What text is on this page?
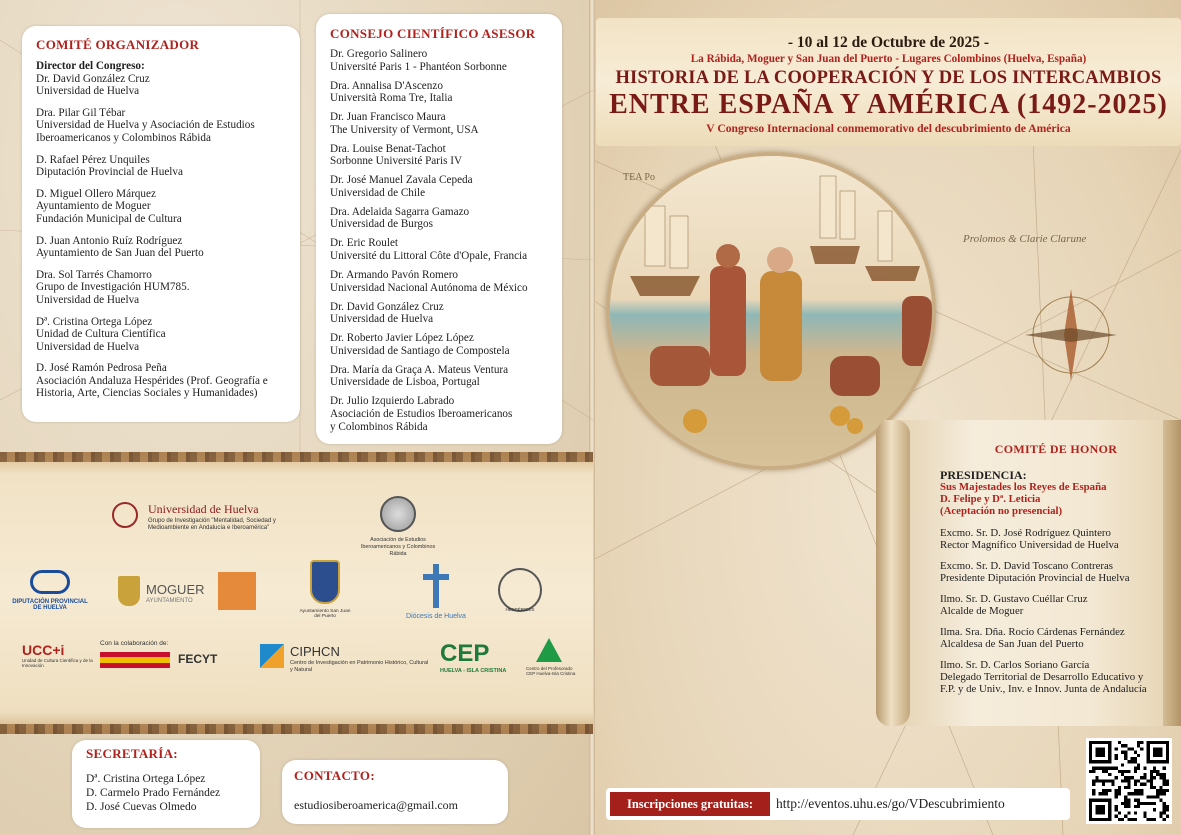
ΤΕΑ Ρο
Prolomos & Clarie Clarune
COMITÉ ORGANIZADOR
Director del Congreso:
Dr. David González Cruz
Universidad de Huelva
Dra. Pilar Gil Tébar
Universidad de Huelva y Asociación de Estudios
Iberoamericanos y Colombinos Rábida
D. Rafael Pérez Unquiles
Diputación Provincial de Huelva
D. Miguel Ollero Márquez
Ayuntamiento de Moguer
Fundación Municipal de Cultura
D. Juan Antonio Ruíz Rodríguez
Ayuntamiento de San Juan del Puerto
Dra. Sol Tarrés Chamorro
Grupo de Investigación HUM785.
Universidad de Huelva
Dª. Cristina Ortega López
Unidad de Cultura Científica
Universidad de Huelva
D. José Ramón Pedrosa Peña
Asociación Andaluza Hespérides (Prof. Geografía e
Historia, Arte, Ciencias Sociales y Humanidades)
CONSEJO CIENTÍFICO ASESOR
Dr. Gregorio Salinero
Université Paris 1 - Phantéon Sorbonne
Dra. Annalisa D'Ascenzo
Università Roma Tre, Italia
Dr. Juan Francisco Maura
The University of Vermont, USA
Dra. Louise Benat-Tachot
Sorbonne Université Paris IV
Dr. José Manuel Zavala Cepeda
Universidad de Chile
Dra. Adelaida Sagarra Gamazo
Universidad de Burgos
Dr. Eric Roulet
Université du Littoral Côte d'Opale, Francia
Dr. Armando Pavón Romero
Universidad Nacional Autónoma de México
Dr. David González Cruz
Universidad de Huelva
Dr. Roberto Javier López López
Universidad de Santiago de Compostela
Dra. María da Graça A. Mateus Ventura
Universidade de Lisboa, Portugal
Dr. Julio Izquierdo Labrado
Asociación de Estudios Iberoamericanos
y Colombinos Rábida
Universidad de Huelva
Grupo de Investigación "Mentalidad, Sociedad y Medioambiente en Andalucía e Iberoamérica"
Asociación de Estudios Iberoamericanos y Colombinos Rábida
DIPUTACIÓN PROVINCIAL DE HUELVA
MOGUER
AYUNTAMIENTO
Ayuntamiento San Juan del Puerto	Diócesis de Huelva
HESPÉRIDES
UCC+i
Unidad de Cultura Científica y de la Innovación
Con la colaboración de:
FECYT	CIPHCN
Centro de Investigación en Patrimonio Histórico, Cultural y Natural
CEP
HUELVA - ISLA CRISTINA	Centro del Profesorado CEP Huelva-Isla Cristina
SECRETARÍA:
Dª. Cristina Ortega López
D. Carmelo Prado Fernández
D. José Cuevas Olmedo
CONTACTO:
estudiosiberoamerica@gmail.com
- 10 al 12 de Octubre de 2025 -
La Rábida, Moguer y San Juan del Puerto - Lugares Colombinos (Huelva, España)
HISTORIA DE LA COOPERACIÓN Y DE LOS INTERCAMBIOS
ENTRE ESPAÑA Y AMÉRICA (1492-2025)
V Congreso Internacional conmemorativo del descubrimiento de América
COMITÉ DE HONOR
PRESIDENCIA:
Sus Majestades los Reyes de España
D. Felipe y Dª. Leticia
(Aceptación no presencial)
Excmo. Sr. D. José Rodríguez Quintero
Rector Magnífico Universidad de Huelva
Excmo. Sr. D. David Toscano Contreras
Presidente Diputación Provincial de Huelva
Ilmo. Sr. D. Gustavo Cuéllar Cruz
Alcalde de Moguer
Ilma. Sra. Dña. Rocío Cárdenas Fernández
Alcaldesa de San Juan del Puerto
Ilmo. Sr. D. Carlos Soriano García
Delegado Territorial de Desarrollo Educativo y
F.P. y de Univ., Inv. e Innov. Junta de Andalucía
Inscripciones gratuitas:	http://eventos.uhu.es/go/VDescubrimiento
